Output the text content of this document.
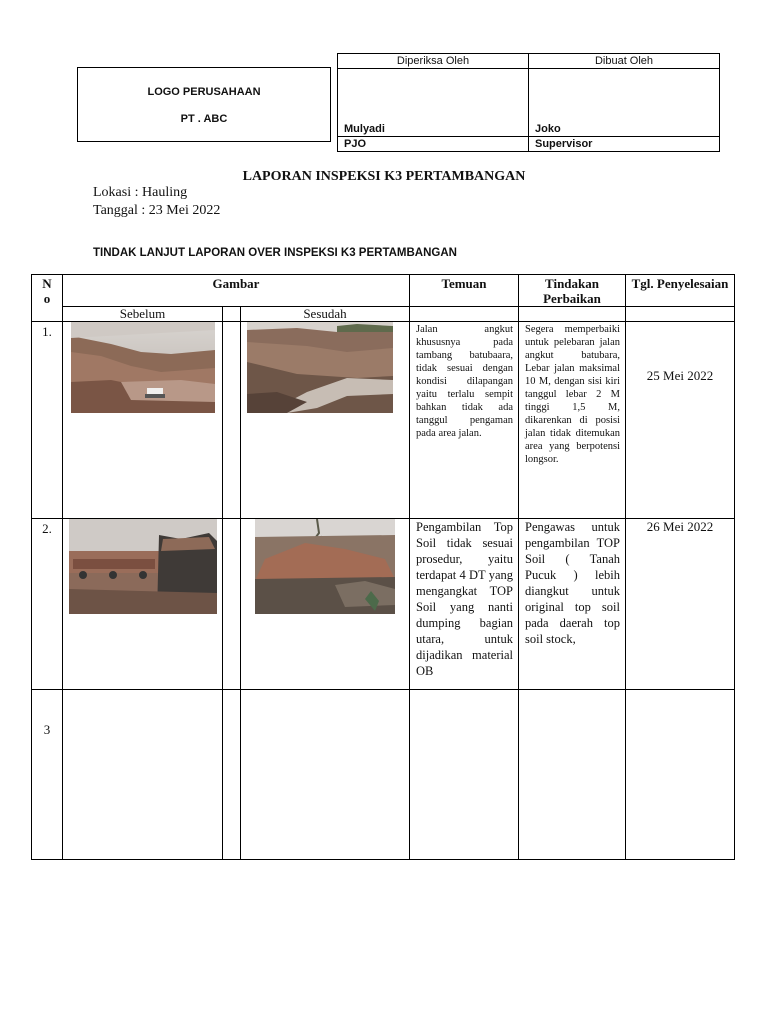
LOGO PERUSAHAAN
PT . ABC
Diperiksa Oleh	Dibuat Oleh
Mulyadi	Joko
PJO	Supervisor
LAPORAN INSPEKSI K3 PERTAMBANGAN
Lokasi : Hauling
Tanggal : 23 Mei 2022
TINDAK LANJUT LAPORAN OVER INSPEKSI K3 PERTAMBANGAN
N o	Gambar			Temuan	Tindakan Perbaikan	Tgl. Penyelesaian
	Sebelum		Sesudah			
1.				Jalan angkut khususnya pada tambang batubaara, tidak sesuai dengan kondisi dilapangan yaitu terlalu sempit bahkan tidak ada tanggul pengaman pada area jalan.	Segera memperbaiki untuk pelebaran jalan angkut batubara, Lebar jalan maksimal 10 M, dengan sisi kiri tanggul lebar 2 M tinggi 1,5 M, dikarenkan di posisi jalan tidak ditemukan area yang berpotensi longsor.	25 Mei 2022
2.				Pengambilan Top Soil tidak sesuai prosedur, yaitu terdapat 4 DT yang mengangkat TOP Soil yang nanti dumping bagian utara, untuk dijadikan material OB	Pengawas untuk pengambilan TOP Soil ( Tanah Pucuk ) lebih diangkut untuk original top soil pada daerah top soil stock,	26 Mei 2022
3						
